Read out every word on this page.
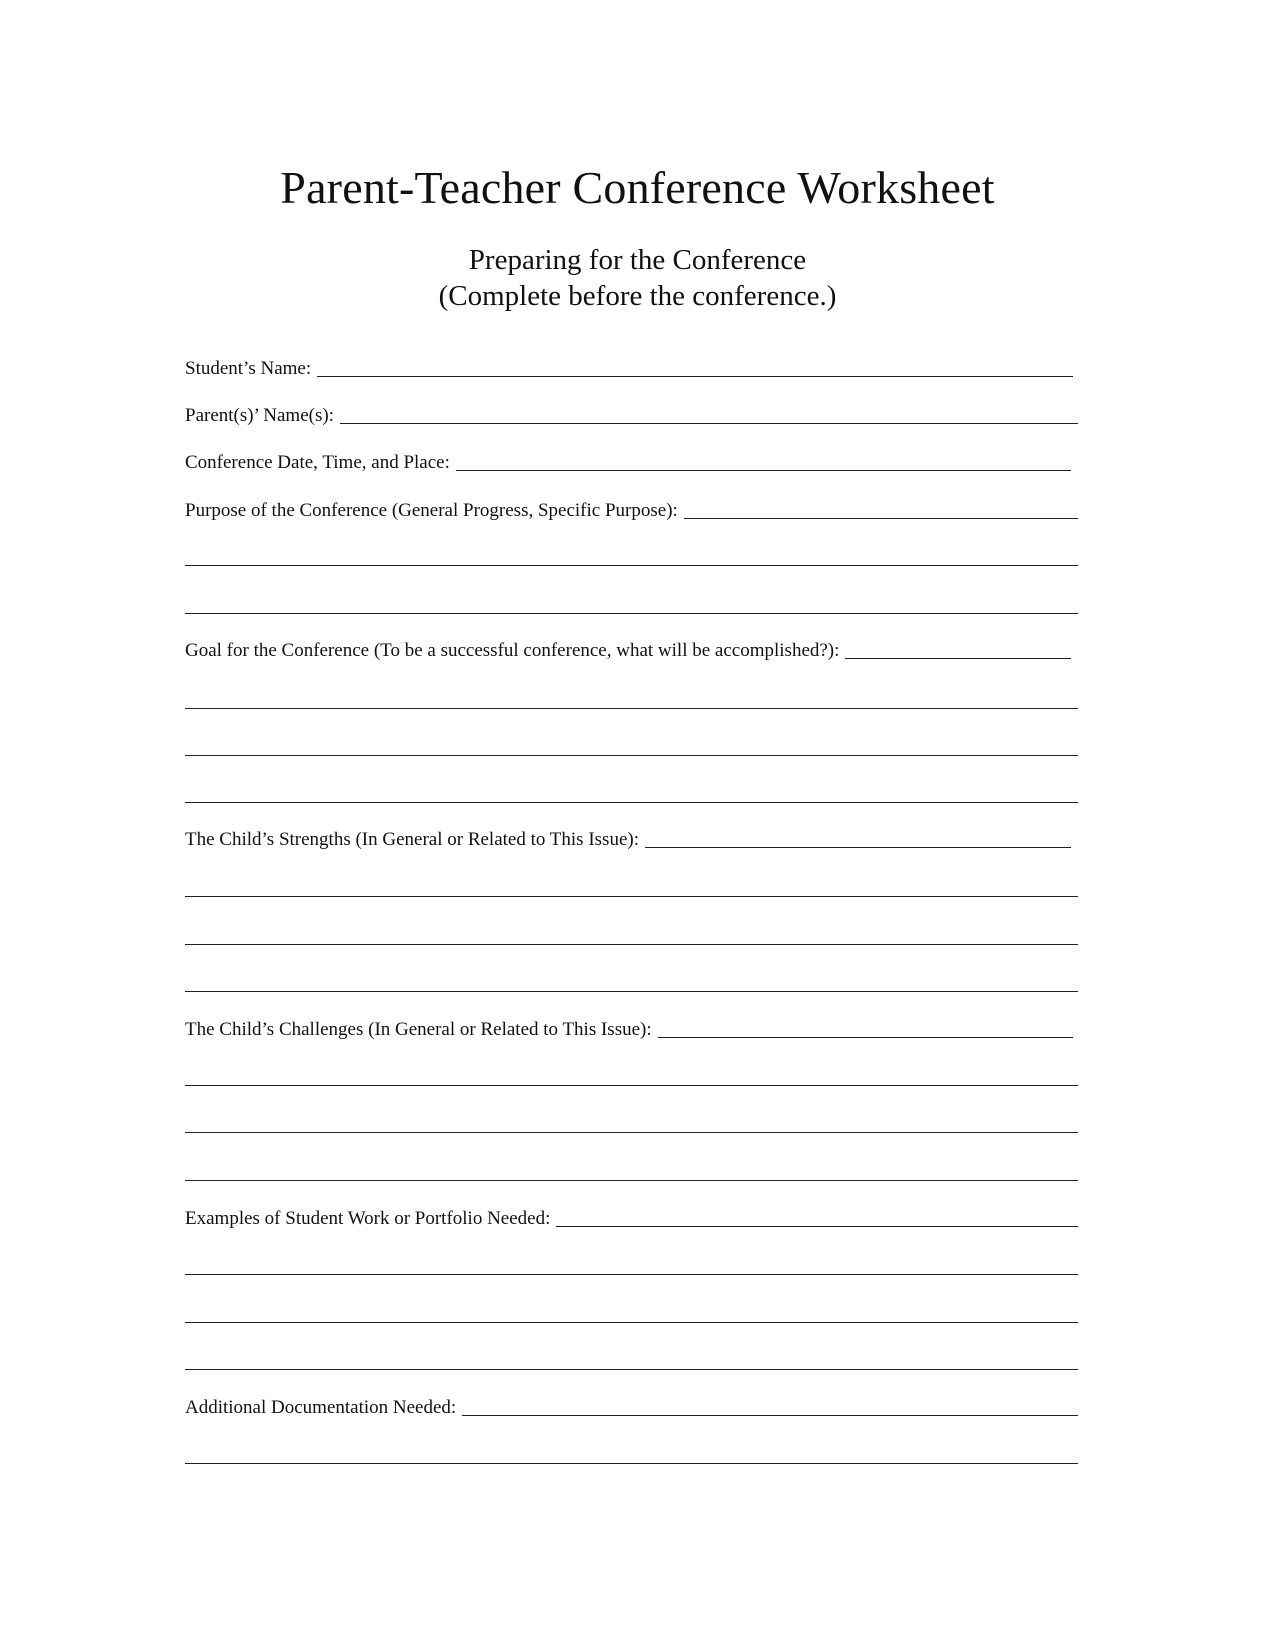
Parent-Teacher Conference Worksheet
Preparing for the Conference
(Complete before the conference.)
Student’s Name:
Parent(s)’ Name(s):
Conference Date, Time, and Place:
Purpose of the Conference (General Progress, Specific Purpose):
Goal for the Conference (To be a successful conference, what will be accomplished?):
The Child’s Strengths (In General or Related to This Issue):
The Child’s Challenges (In General or Related to This Issue):
Examples of Student Work or Portfolio Needed:
Additional Documentation Needed:
